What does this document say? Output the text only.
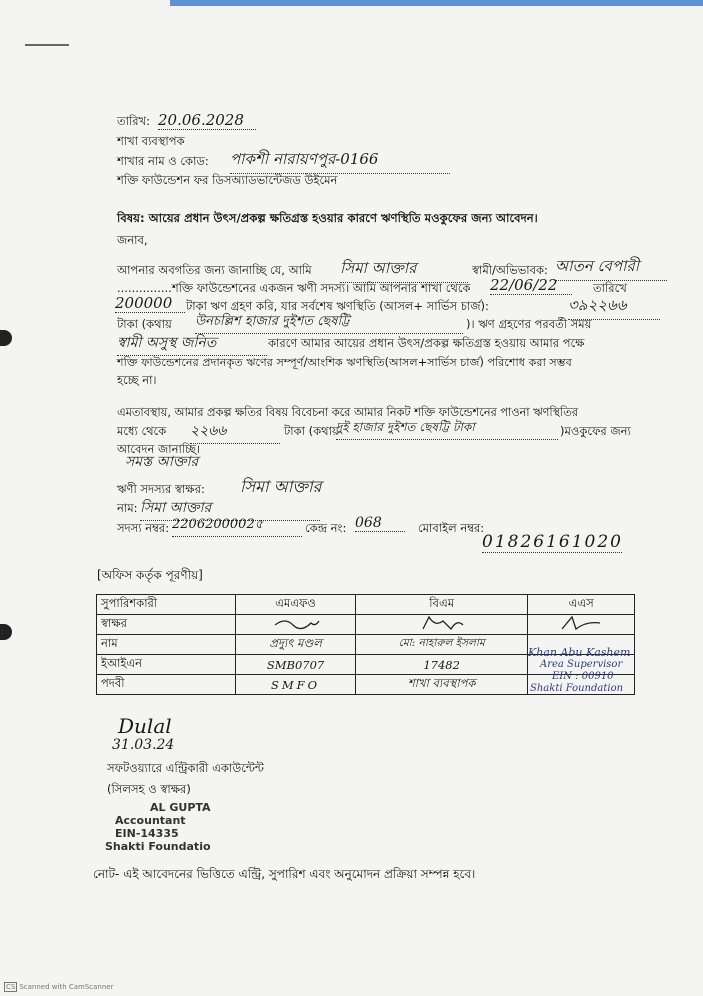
তারিখ: 20.06.2028
শাখা ব্যবস্থাপক
শাখার নাম ও কোড: পাকশী নারায়ণপুর-0166
শক্তি ফাউন্ডেশন ফর ডিসঅ্যাডভান্টেজড উইমেন
বিষয়: আয়ের প্রধান উৎস/প্রকল্প ক্ষতিগ্রস্ত হওয়ার কারণে ঋণস্থিতি মওকুফের জন্য আবেদন।
জনাব,
আপনার অবগতির জন্য জানাচ্ছি যে, আমি সিমা আক্তার	স্বামী/অভিভাবক: আতন বেপারী
...............শক্তি ফাউন্ডেশনের একজন ঋণী সদস্য। আমি আপনার শাখা থেকে 22/06/22	তারিখে
200000	টাকা ঋণ গ্রহণ করি, যার সর্বশেষ ঋণস্থিতি (আসল+ সার্ভিস চার্জ):	৩৯২২৬৬
টাকা (কথায় উনচল্লিশ হাজার দুইশত ছেষট্টি	)। ঋণ গ্রহণের পরবর্তী সময়
স্বামী অসুস্থ জনিত	কারণে আমার আয়ের প্রধান উৎস/প্রকল্প ক্ষতিগ্রস্ত হওয়ায় আমার পক্ষে
শক্তি ফাউন্ডেশনের প্রদানকৃত ঋণের সম্পূর্ণ/আংশিক ঋণস্থিতি(আসল+সার্ভিস চার্জ) পরিশোধ করা সম্ভব
হচ্ছে না।
এমতাবস্থায়, আমার প্রকল্প ক্ষতির বিষয় বিবেচনা করে আমার নিকট শক্তি ফাউন্ডেশনের পাওনা ঋণস্থিতির
মধ্যে থেকে ২২৬৬	টাকা (কথায়
দুই হাজার দুইশত ছেষট্টি টাকা	)মওকুফের জন্য
আবেদন জানাচ্ছি।
সমস্ত আক্তার
ঋণী সদস্যর স্বাক্ষর: সিমা আক্তার
নাম: সিমা আক্তার
সদস্য নম্বর: 2206200002৫	কেন্দ্র নং: 068	মোবাইল নম্বর:
01826161020
[অফিস কর্তৃক পূরণীয়]
সুপারিশকারী	এমএফও	বিএম	এএস
স্বাক্ষর			
নাম	প্রদ্যুৎ মণ্ডল	মো: নাহারুল ইসলাম	
ইআইএন	SMB0707	17482	
পদবী	SMFO	শাখা ব্যবস্থাপক	
Khan Abu Kashem
Area Supervisor
EIN : 00910
Shakti Foundation
Dulal
31.03.24
সফটওয়্যারে এন্ট্রিকারী একাউন্টেন্ট
(সিলসহ ও স্বাক্ষর)
AL GUPTA
Accountant
EIN-14335
Shakti Foundatio
নোট- এই আবেদনের ভিত্তিতে এন্ট্রি, সুপারিশ এবং অনুমোদন প্রক্রিয়া সম্পন্ন হবে।
CS Scanned with CamScanner
